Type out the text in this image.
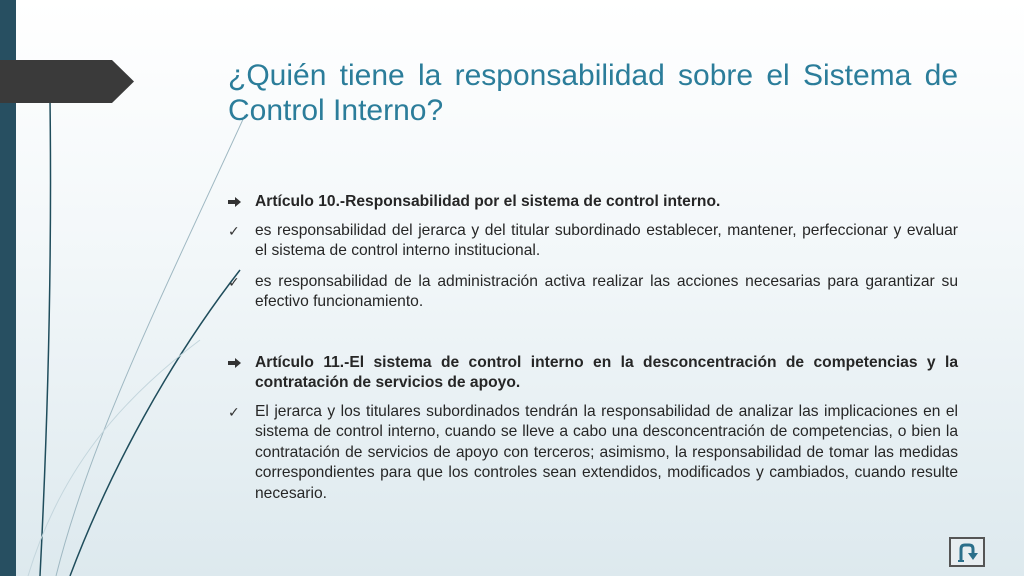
¿Quién tiene la responsabilidad sobre el Sistema de Control Interno?

Artículo 10.-Responsabilidad por el sistema de control interno.

✓ es responsabilidad del jerarca y del titular subordinado establecer, mantener, perfeccionar y evaluar el sistema de control interno institucional.

✓ es responsabilidad de la administración activa realizar las acciones necesarias para garantizar su efectivo funcionamiento.

Artículo 11.-El sistema de control interno en la desconcentración de competencias y la contratación de servicios de apoyo.

✓ El jerarca y los titulares subordinados tendrán la responsabilidad de analizar las implicaciones en el sistema de control interno, cuando se lleve a cabo una desconcentración de competencias, o bien la contratación de servicios de apoyo con terceros; asimismo, la responsabilidad de tomar las medidas correspondientes para que los controles sean extendidos, modificados y cambiados, cuando resulte necesario.
